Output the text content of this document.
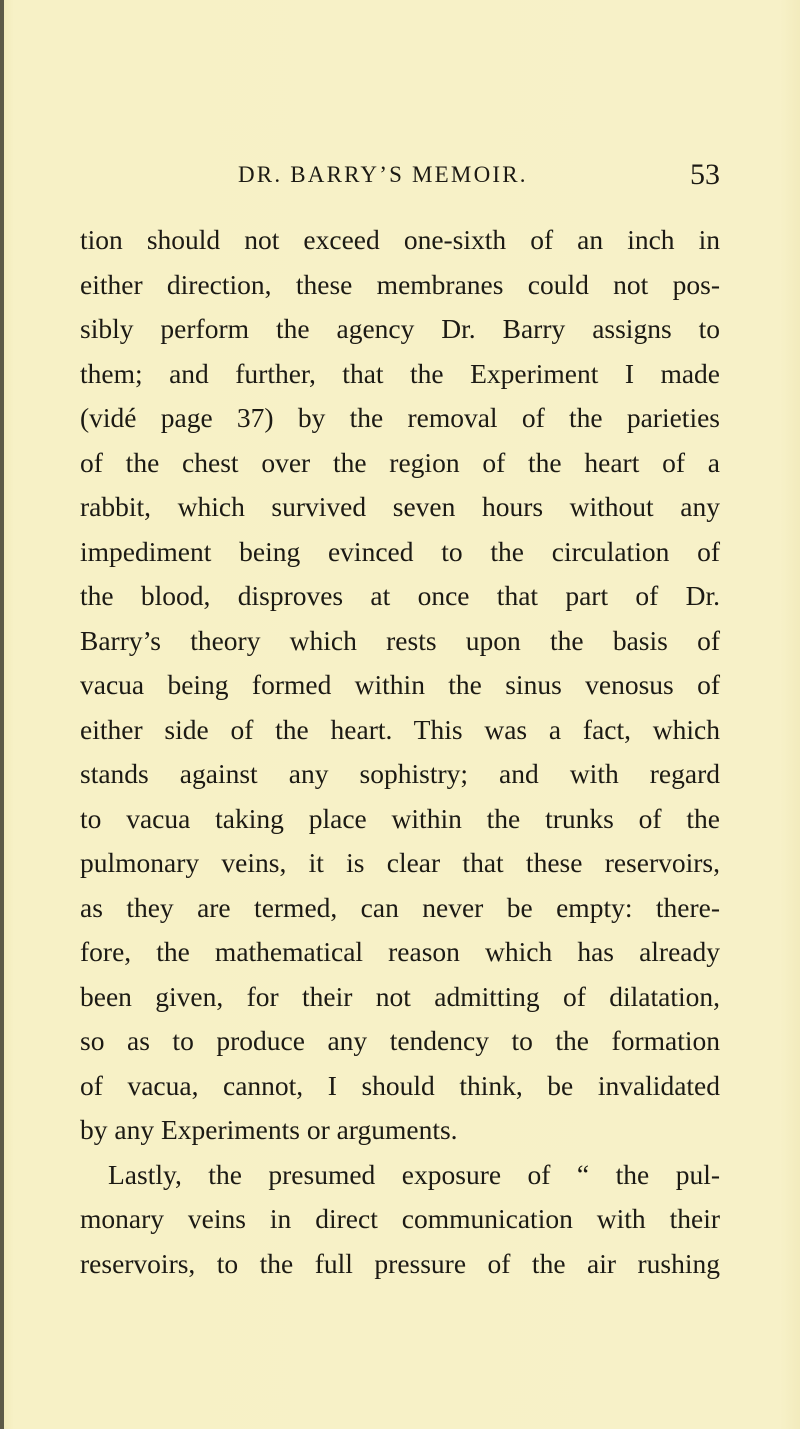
DR. BARRY’S MEMOIR.	53
tion should not exceed one-sixth of an inch in
either direction, these membranes could not pos-
sibly perform the agency Dr. Barry assigns to
them; and further, that the Experiment I made
(vidé page 37) by the removal of the parieties
of the chest over the region of the heart of a
rabbit, which survived seven hours without any
impediment being evinced to the circulation of
the blood, disproves at once that part of Dr.
Barry’s theory which rests upon the basis of
vacua being formed within the sinus venosus of
either side of the heart. This was a fact, which
stands against any sophistry; and with regard
to vacua taking place within the trunks of the
pulmonary veins, it is clear that these reservoirs,
as they are termed, can never be empty: there-
fore, the mathematical reason which has already
been given, for their not admitting of dilatation,
so as to produce any tendency to the formation
of vacua, cannot, I should think, be invalidated
by any Experiments or arguments.
Lastly, the presumed exposure of “ the pul-
monary veins in direct communication with their
reservoirs, to the full pressure of the air rushing
